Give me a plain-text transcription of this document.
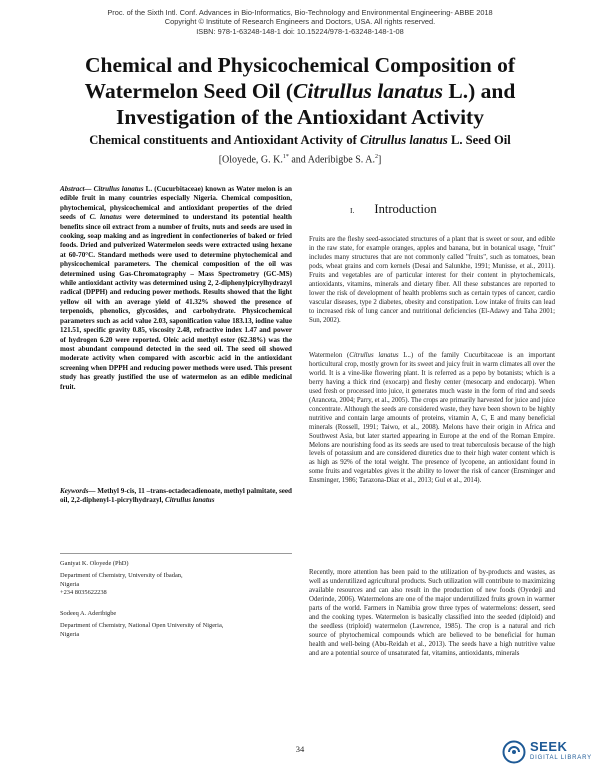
Proc. of the Sixth Intl. Conf. Advances in Bio-Informatics, Bio-Technology and Environmental Engineering- ABBE 2018
Copyright © Institute of Research Engineers and Doctors, USA. All rights reserved.
ISBN: 978-1-63248-148-1 doi: 10.15224/978-1-63248-148-1-08
Chemical and Physicochemical Composition of Watermelon Seed Oil (Citrullus lanatus L.) and Investigation of the Antioxidant Activity
Chemical constituents and Antioxidant Activity of Citrullus lanatus L. Seed Oil
[Oloyede, G. K.$^{1*}$ and Aderibigbe S. A.$^2$]
Abstract— Citrullus lanatus L. (Cucurbitaceae) known as Water melon is an edible fruit in many countries especially Nigeria. Chemical composition, phytochemical, physicochemical and antioxidant properties of the dried seeds of C. lanatus were determined to understand its potential health benefits since oil extract from a number of fruits, nuts and seeds are used in cooking, soap making and as ingredient in confectioneries of baked or fried foods. Dried and pulverized Watermelon seeds were extracted using hexane at 60-70°C. Standard methods were used to determine phytochemical and physicochemical parameters. The chemical composition of the oil was determined using Gas-Chromatography – Mass Spectrometry (GC-MS) while antioxidant activity was determined using 2, 2-diphenylpicrylhydrazyl radical (DPPH) and reducing power methods. Results showed that the light yellow oil with an average yield of 41.32% showed the presence of terpenoids, phenolics, glycosides, and carbohydrate. Physicochemical parameters such as acid value 2.03, saponification value 183.13, iodine value 121.51, specific gravity 0.85, viscosity 2.48, refractive index 1.47 and power of hydrogen 6.20 were reported. Oleic acid methyl ester (62.38%) was the most abundant compound detected in the seed oil. The seed oil showed moderate activity when compared with ascorbic acid in the antioxidant screening when DPPH and reducing power methods were used. This present study has greatly justified the use of watermelon as an edible medicinal fruit.
Keywords— Methyl 9-cis, 11 –trans-octadecadienoate, methyl palmitate, seed oil, 2,2-diphenyl-1-picrylhydrazyl, Citrullus lanatus
Ganiyat K. Oloyede (PhD)
Department of Chemistry, University of Ibadan,
Nigeria
+234 8035622238
Sodeeq A. Aderibigbe
Department of Chemistry, National Open University of Nigeria,
Nigeria
I. Introduction

Fruits are the fleshy seed-associated structures of a plant that is sweet or sour, and edible in the raw state, for example oranges, apples and banana, but in botanical usage, "fruit" includes many structures that are not commonly called "fruits", such as tomatoes, bean pods, wheat grains and corn kernels (Desai and Salunkhe, 1991; Munisse, et al., 2011). Fruits and vegetables are of particular interest for their content in phytochemicals, antioxidants, vitamins, minerals and dietary fiber. All these substances are reported to lower the risk of development of health problems such as certain types of cancer, cardio vascular diseases, type 2 diabetes, obesity and constipation. Low intake of fruits can lead to increased risk of lung cancer and nutritional deficiencies (El-Adawy and Taha 2001; Sun, 2002).

Watermelon (Citrullus lanatus L..) of the family Cucurbitaceae is an important horticultural crop, mostly grown for its sweet and juicy fruit in warm climates all over the world. It is a vine-like flowering plant. It is referred as a pepo by botanists; which is a berry having a thick rind (exocarp) and fleshy center (mesocarp and endocarp). When used fresh or processed into juice, it generates much waste in the form of rind and seeds (Aranceta, 2004; Parry, et al., 2005). The crops are primarily harvested for juice and juice concentrate. Although the seeds are considered waste, they have been shown to be highly nutritive and contain large amounts of proteins, vitamin A, C, E and many beneficial minerals (Rossell, 1991; Taiwo, et al., 2008). Melons have their origin in Africa and Southwest Asia, but later started appearing in Europe at the end of the Roman Empire. Melons are nourishing food as its seeds are used to treat tuberculosis because of the high levels of potassium and are considered diuretics due to their high water content which is as high as 92% of the total weight. The presence of lycopene, an antioxidant found in some fruits and vegetables gives it the ability to lower the risk of cancer (Ensminger and Ensminger, 1986; Tarazona-Díaz et al., 2013; Gul et al., 2014).

Recently, more attention has been paid to the utilization of by-products and wastes, as well as underutilized agricultural products. Such utilization will contribute to maximizing available resources and can also result in the production of new foods (Oyedeji and Oderinde, 2006). Watermelons are one of the major underutilized fruits grown in warmer parts of the world. Farmers in Namibia grow three types of watermelons: dessert, seed and the cooking types. Watermelon is basically classified into the seeded (diploid) and the seedless (triploid) watermelon (Lawrence, 1985). The crop is a natural and rich source of phytochemical compounds which are believed to be beneficial for human health and well-being (Abu-Reidah et al., 2013). The seeds have a high nutritive value and are a potential source of unsaturated fat, vitamins, antioxidants, minerals

34	SEEK
DIGITAL LIBRARY
